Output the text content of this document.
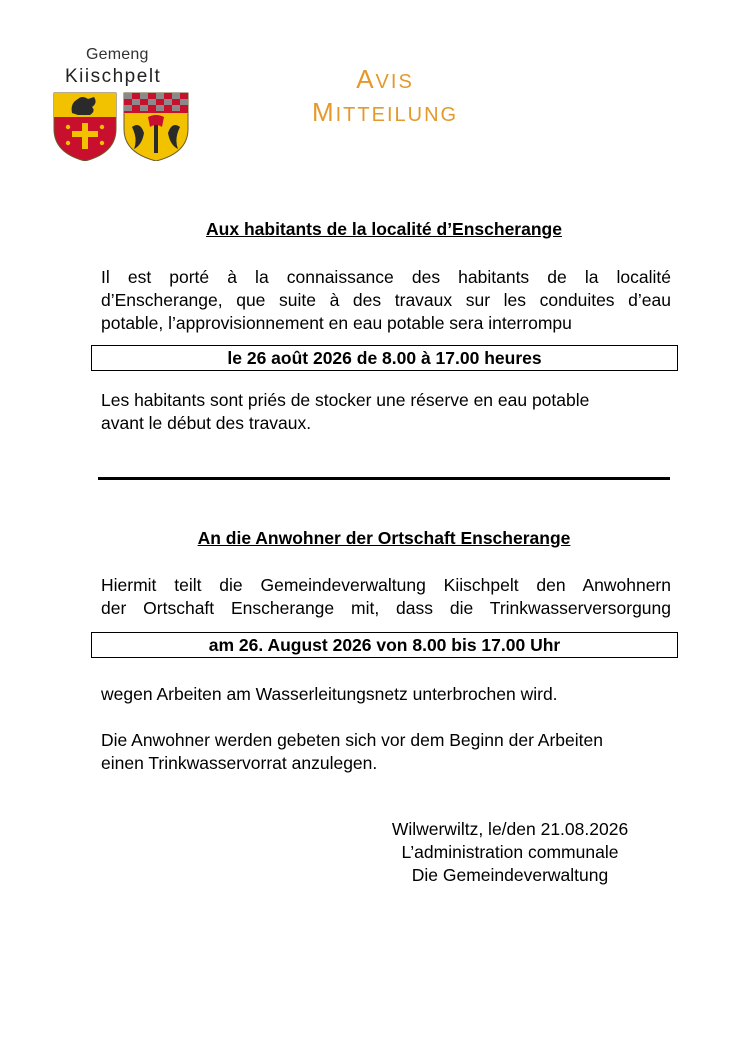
Gemeng
Kiischpelt	AVIS
MITTEILUNG
Aux habitants de la localité d’Enscherange
Il est porté à la connaissance des habitants de la localité
d’Enscherange, que suite à des travaux sur les conduites d’eau
potable, l’approvisionnement en eau potable sera interrompu
le 26 août 2026 de 8.00 à 17.00 heures
Les habitants sont priés de stocker une réserve en eau potable
avant le début des travaux.
An die Anwohner der Ortschaft Enscherange
Hiermit teilt die Gemeindeverwaltung Kiischpelt den Anwohnern
der Ortschaft Enscherange mit, dass die Trinkwasserversorgung
am 26. August 2026 von 8.00 bis 17.00 Uhr
wegen Arbeiten am Wasserleitungsnetz unterbrochen wird.
Die Anwohner werden gebeten sich vor dem Beginn der Arbeiten
einen Trinkwasservorrat anzulegen.
Wilwerwiltz, le/den 21.08.2026
L’administration communale
Die Gemeindeverwaltung
